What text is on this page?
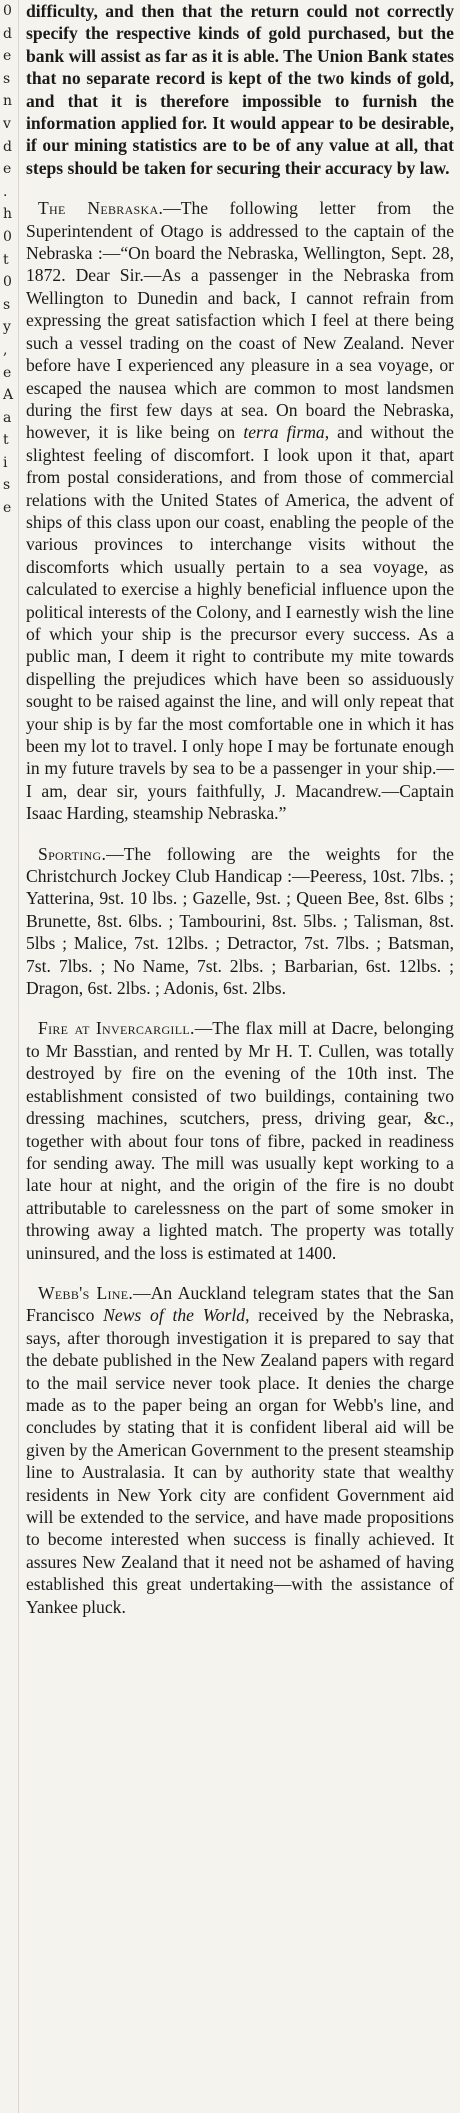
0
d
e
s
n
v
d
e
.
h
0
t
0
s
y
,
e
A
a
t
i
s
e

difficulty, and then that the return could not correctly specify the respective kinds of gold purchased, but the bank will assist as far as it is able. The Union Bank states that no separate record is kept of the two kinds of gold, and that it is therefore impossible to furnish the information applied for. It would appear to be desirable, if our mining statistics are to be of any value at all, that steps should be taken for securing their accuracy by law.

The Nebraska.—The following letter from the Superintendent of Otago is addressed to the captain of the Nebraska :—“On board the Nebraska, Wellington, Sept. 28, 1872. Dear Sir.—As a passenger in the Nebraska from Wellington to Dunedin and back, I cannot refrain from expressing the great satisfaction which I feel at there being such a vessel trading on the coast of New Zealand. Never before have I experienced any pleasure in a sea voyage, or escaped the nausea which are common to most landsmen during the first few days at sea. On board the Nebraska, however, it is like being on terra firma, and without the slightest feeling of discomfort. I look upon it that, apart from postal considerations, and from those of commercial relations with the United States of America, the advent of ships of this class upon our coast, enabling the people of the various provinces to interchange visits without the discomforts which usually pertain to a sea voyage, as calculated to exercise a highly beneficial influence upon the political interests of the Colony, and I earnestly wish the line of which your ship is the precursor every success. As a public man, I deem it right to contribute my mite towards dispelling the prejudices which have been so assiduously sought to be raised against the line, and will only repeat that your ship is by far the most comfortable one in which it has been my lot to travel. I only hope I may be fortunate enough in my future travels by sea to be a passenger in your ship.—I am, dear sir, yours faithfully, J. Macandrew.—Captain Isaac Harding, steamship Nebraska.”

Sporting.—The following are the weights for the Christchurch Jockey Club Handicap :—Peeress, 10st. 7lbs. ; Yatterina, 9st. 10 lbs. ; Gazelle, 9st. ; Queen Bee, 8st. 6lbs ; Brunette, 8st. 6lbs. ; Tambourini, 8st. 5lbs. ; Talisman, 8st. 5lbs ; Malice, 7st. 12lbs. ; Detractor, 7st. 7lbs. ; Batsman, 7st. 7lbs. ; No Name, 7st. 2lbs. ; Barbarian, 6st. 12lbs. ; Dragon, 6st. 2lbs. ; Adonis, 6st. 2lbs.

Fire at Invercargill.—The flax mill at Dacre, belonging to Mr Basstian, and rented by Mr H. T. Cullen, was totally destroyed by fire on the evening of the 10th inst. The establishment consisted of two buildings, containing two dressing machines, scutchers, press, driving gear, &c., together with about four tons of fibre, packed in readiness for sending away. The mill was usually kept working to a late hour at night, and the origin of the fire is no doubt attributable to carelessness on the part of some smoker in throwing away a lighted match. The property was totally uninsured, and the loss is estimated at 1400.

Webb's Line.—An Auckland telegram states that the San Francisco News of the World, received by the Nebraska, says, after thorough investigation it is prepared to say that the debate published in the New Zealand papers with regard to the mail service never took place. It denies the charge made as to the paper being an organ for Webb's line, and concludes by stating that it is confident liberal aid will be given by the American Government to the present steamship line to Australasia. It can by authority state that wealthy residents in New York city are confident Government aid will be extended to the service, and have made propositions to become interested when success is finally achieved. It assures New Zealand that it need not be ashamed of having established this great undertaking—with the assistance of Yankee pluck.
